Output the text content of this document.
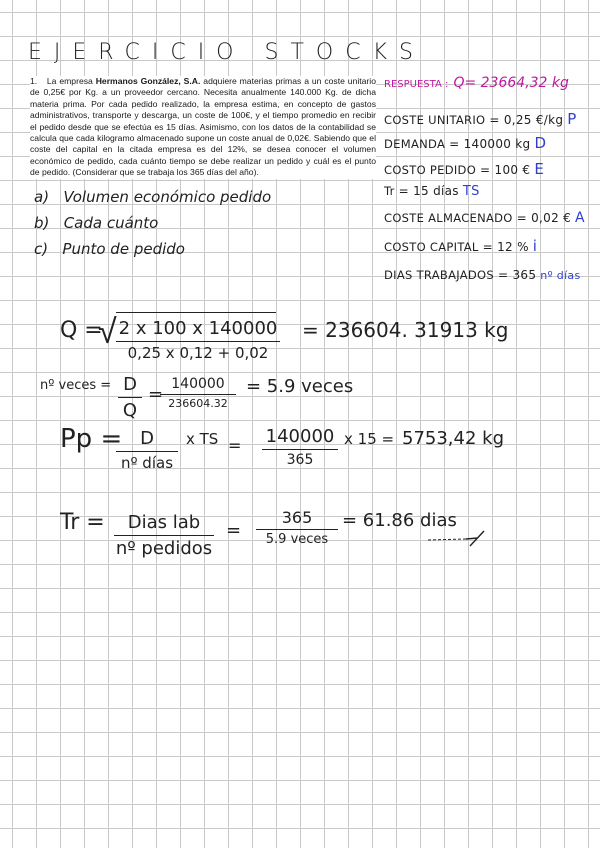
EJERCICIO STOCKS
1. La empresa Hermanos González, S.A. adquiere materias primas a un coste unitario de 0,25€ por Kg. a un proveedor cercano. Necesita anualmente 140.000 Kg. de dicha materia prima. Por cada pedido realizado, la empresa estima, en concepto de gastos administrativos, transporte y descarga, un coste de 100€, y el tiempo promedio en recibir el pedido desde que se efectúa es 15 días. Asimismo, con los datos de la contabilidad se calcula que cada kilogramo almacenado supone un coste anual de 0,02€. Sabiendo que el coste del capital en la citada empresa es del 12%, se desea conocer el volumen económico de pedido, cada cuánto tiempo se debe realizar un pedido y cuál es el punto de pedido. (Considerar que se trabaja los 365 días del año).
a) Volumen económico pedido
b) Cada cuánto
c) Punto de pedido
RESPUESTA : Q= 23664,32 kg
COSTE UNITARIO = 0,25 €/kg P
DEMANDA = 140000 kg D
COSTO PEDIDO = 100 € E
Tr = 15 días TS
COSTE ALMACENADO = 0,02 € A
COSTO CAPITAL = 12 % i
DIAS TRABAJADOS = 365 nº días
Q =
√ 2 x 100 x 140000
0,25 x 0,12 + 0,02
= 236604. 31913 kg
nº veces = D
Q
= 140000
236604.32
= 5.9 veces
Pp = D
nº días
x TS = 140000
365
x 15 = 5753,42 kg
Tr =	Dias lab
nº pedidos
=
365
5.9 veces
= 61.86 dias
